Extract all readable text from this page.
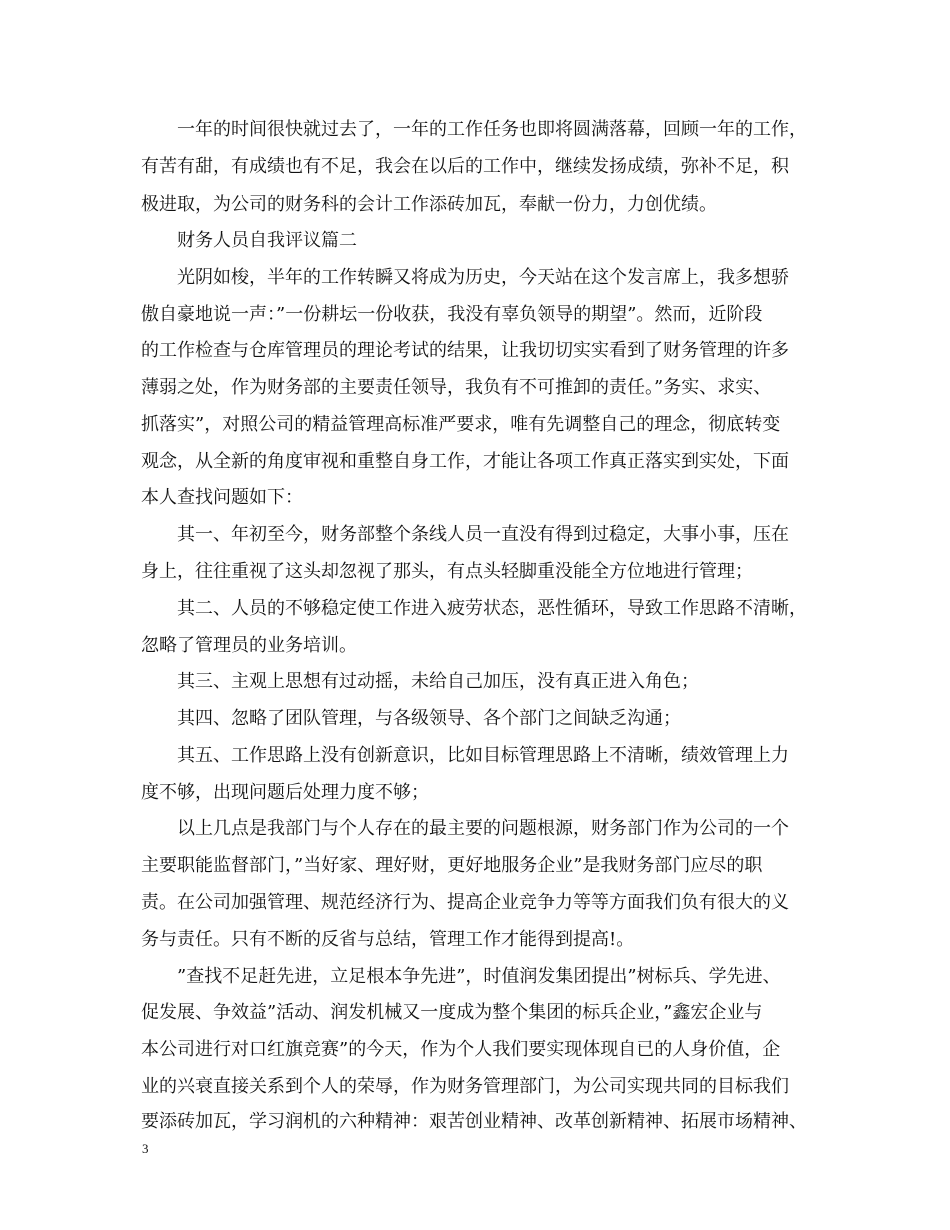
一年的时间很快就过去了，一年的工作任务也即将圆满落幕，回顾一年的工作，
有苦有甜，有成绩也有不足，我会在以后的工作中，继续发扬成绩，弥补不足，积
极进取，为公司的财务科的会计工作添砖加瓦，奉献一份力，力创优绩。
财务人员自我评议篇二
光阴如梭，半年的工作转瞬又将成为历史，今天站在这个发言席上，我多想骄
傲自豪地说一声：”一份耕坛一份收获，我没有辜负领导的期望”。然而，近阶段
的工作检查与仓库管理员的理论考试的结果，让我切切实实看到了财务管理的许多
薄弱之处，作为财务部的主要责任领导，我负有不可推卸的责任。”务实、求实、
抓落实”，对照公司的精益管理高标准严要求，唯有先调整自己的理念，彻底转变
观念，从全新的角度审视和重整自身工作，才能让各项工作真正落实到实处，下面
本人查找问题如下：
其一、年初至今，财务部整个条线人员一直没有得到过稳定，大事小事，压在
身上，往往重视了这头却忽视了那头，有点头轻脚重没能全方位地进行管理；
其二、人员的不够稳定使工作进入疲劳状态，恶性循环，导致工作思路不清晰，
忽略了管理员的业务培训。
其三、主观上思想有过动摇，未给自己加压，没有真正进入角色；
其四、忽略了团队管理，与各级领导、各个部门之间缺乏沟通；
其五、工作思路上没有创新意识，比如目标管理思路上不清晰，绩效管理上力
度不够，出现问题后处理力度不够；
以上几点是我部门与个人存在的最主要的问题根源，财务部门作为公司的一个
主要职能监督部门，”当好家、理好财，更好地服务企业”是我财务部门应尽的职
责。在公司加强管理、规范经济行为、提高企业竞争力等等方面我们负有很大的义
务与责任。只有不断的反省与总结，管理工作才能得到提高!。
”查找不足赶先进，立足根本争先进”，时值润发集团提出”树标兵、学先进、
促发展、争效益”活动、润发机械又一度成为整个集团的标兵企业，”鑫宏企业与
本公司进行对口红旗竞赛”的今天，作为个人我们要实现体现自已的人身价值，企
业的兴衰直接关系到个人的荣辱，作为财务管理部门，为公司实现共同的目标我们
要添砖加瓦，学习润机的六种精神：艰苦创业精神、改革创新精神、拓展市场精神、
3
